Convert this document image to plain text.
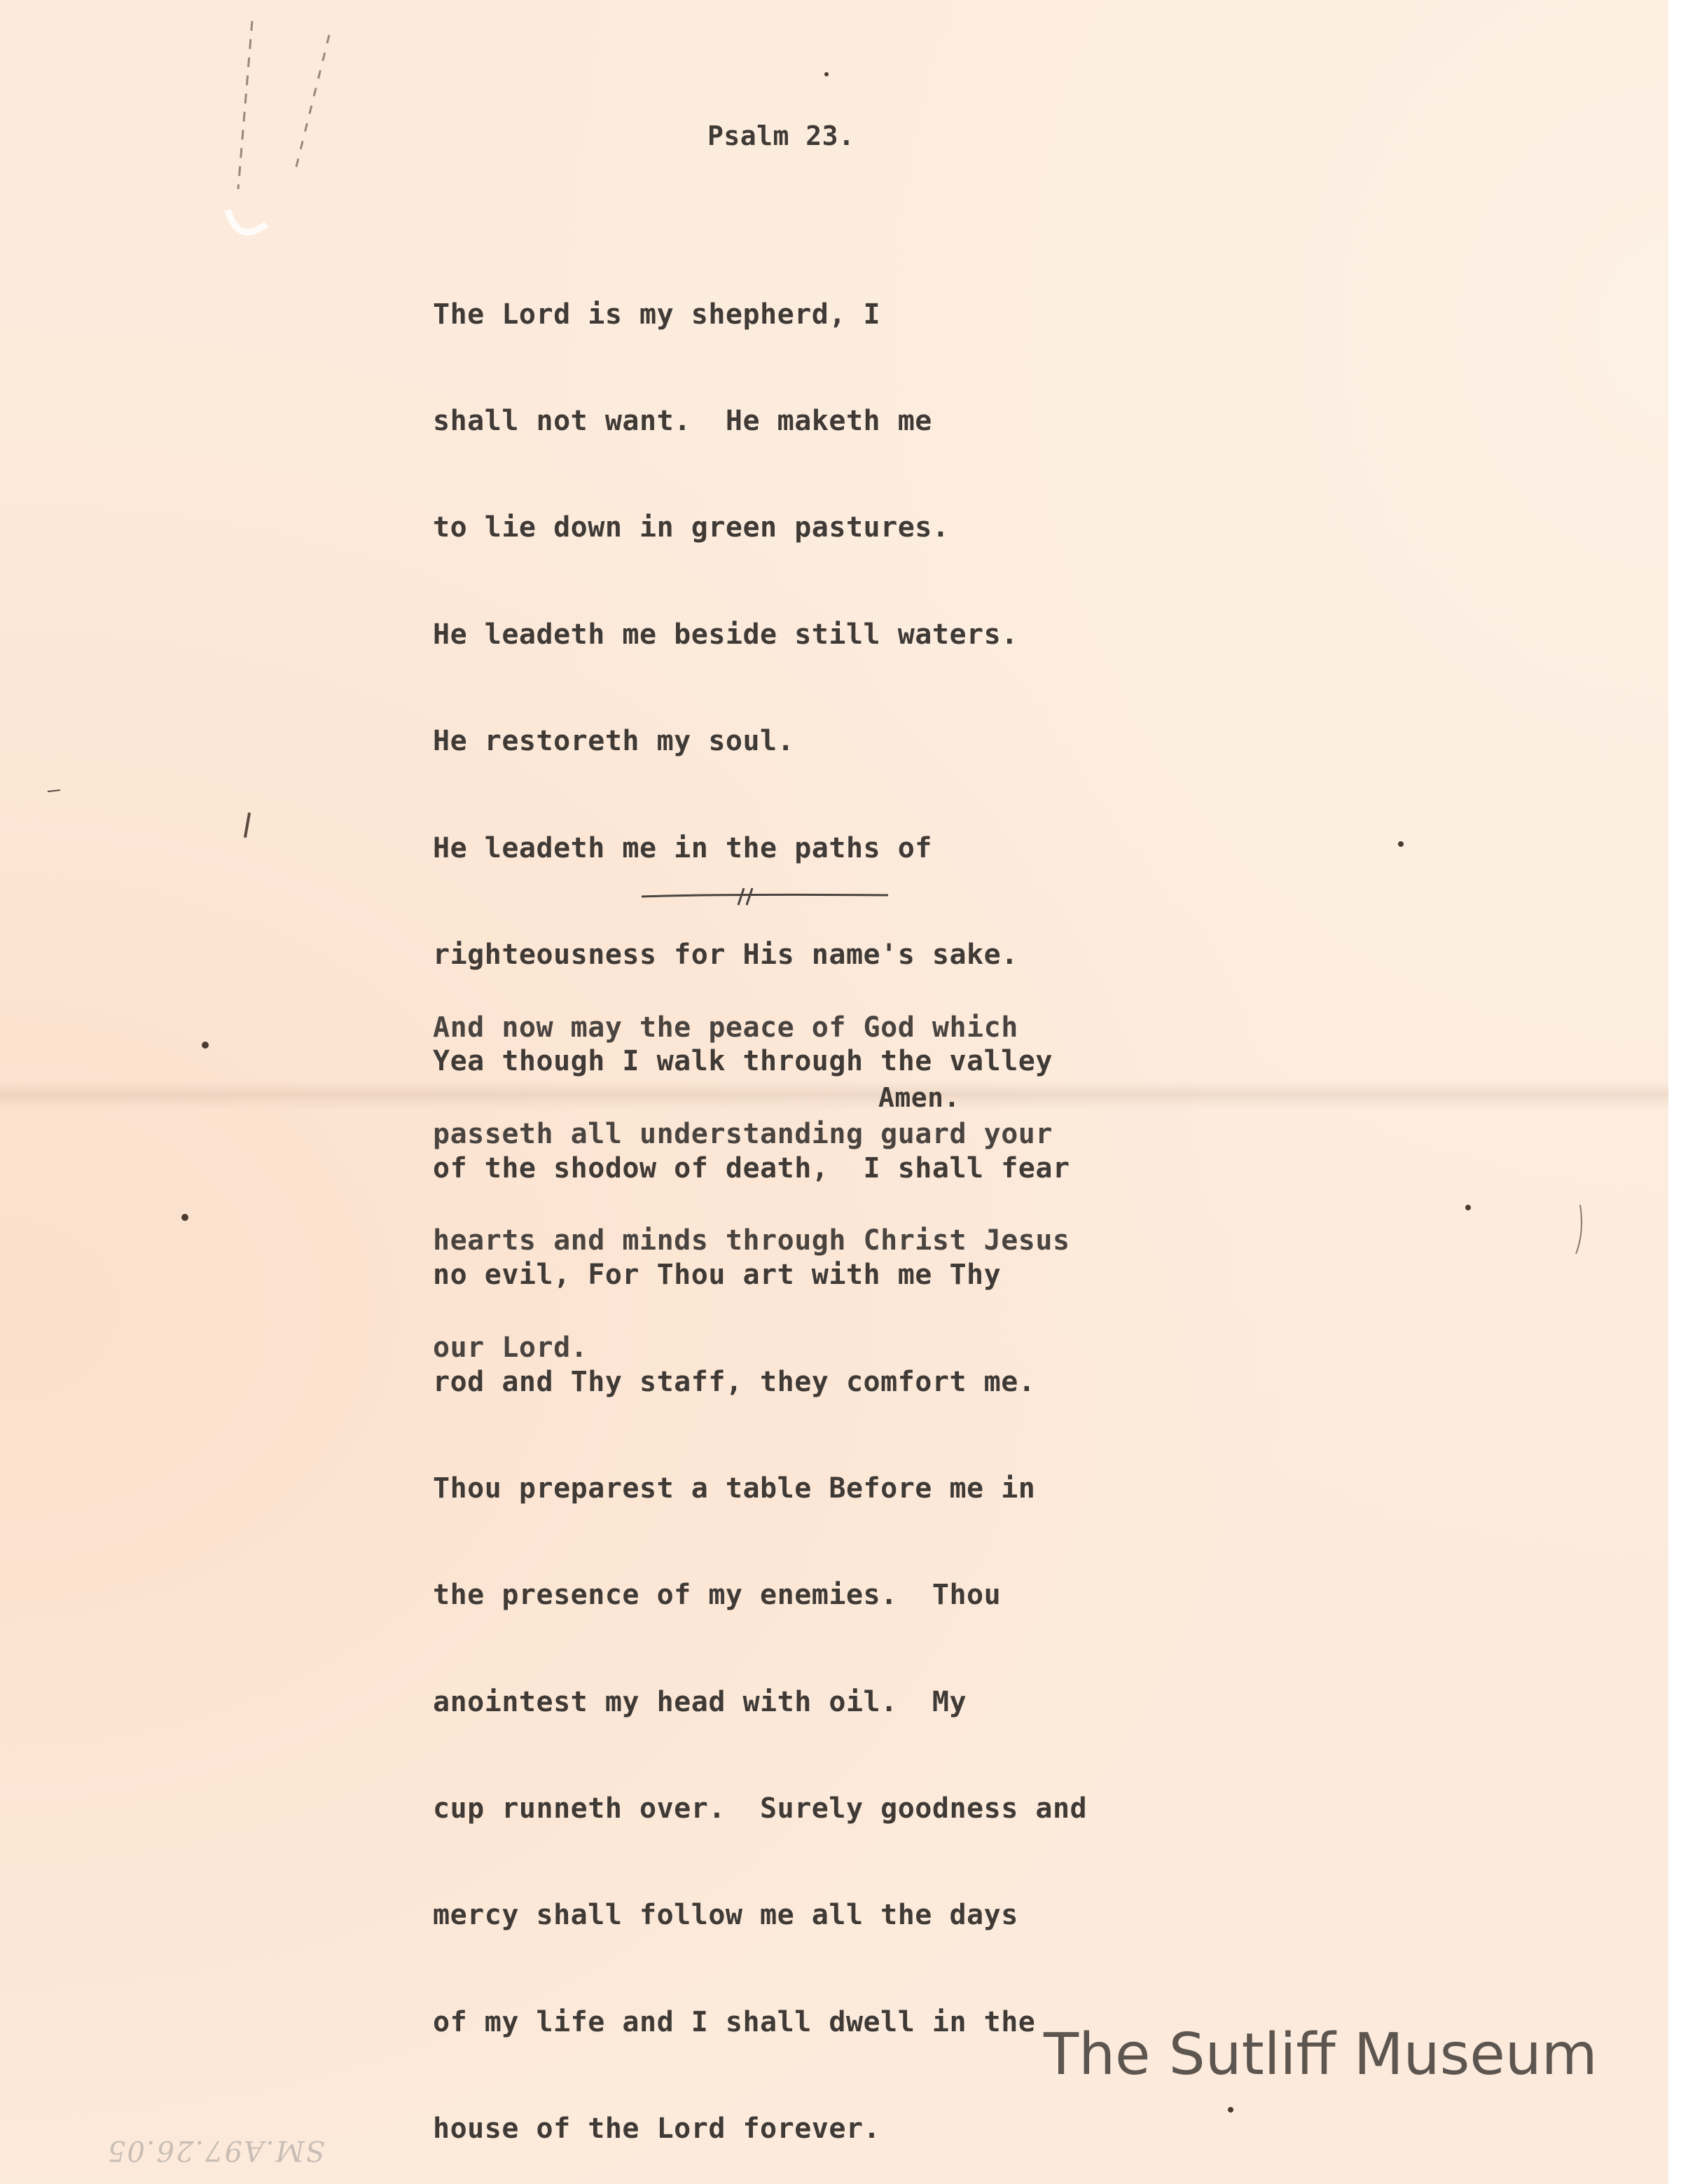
Psalm 23.

The Lord is my shepherd, I

shall not want.  He maketh me

to lie down in green pastures.

He leadeth me beside still waters.

He restoreth my soul.

He leadeth me in the paths of

righteousness for His name's sake.

Yea though I walk through the valley

of the shodow of death,  I shall fear

no evil, For Thou art with me Thy

rod and Thy staff, they comfort me.

Thou preparest a table Before me in

the presence of my enemies.  Thou

anointest my head with oil.  My

cup runneth over.  Surely goodness and

mercy shall follow me all the days

of my life and I shall dwell in the

house of the Lord forever.

And now may the peace of God which

passeth all understanding guard your

hearts and minds through Christ Jesus

our Lord.

Amen.
The Sutliff Museum
SM.A97.26.05
